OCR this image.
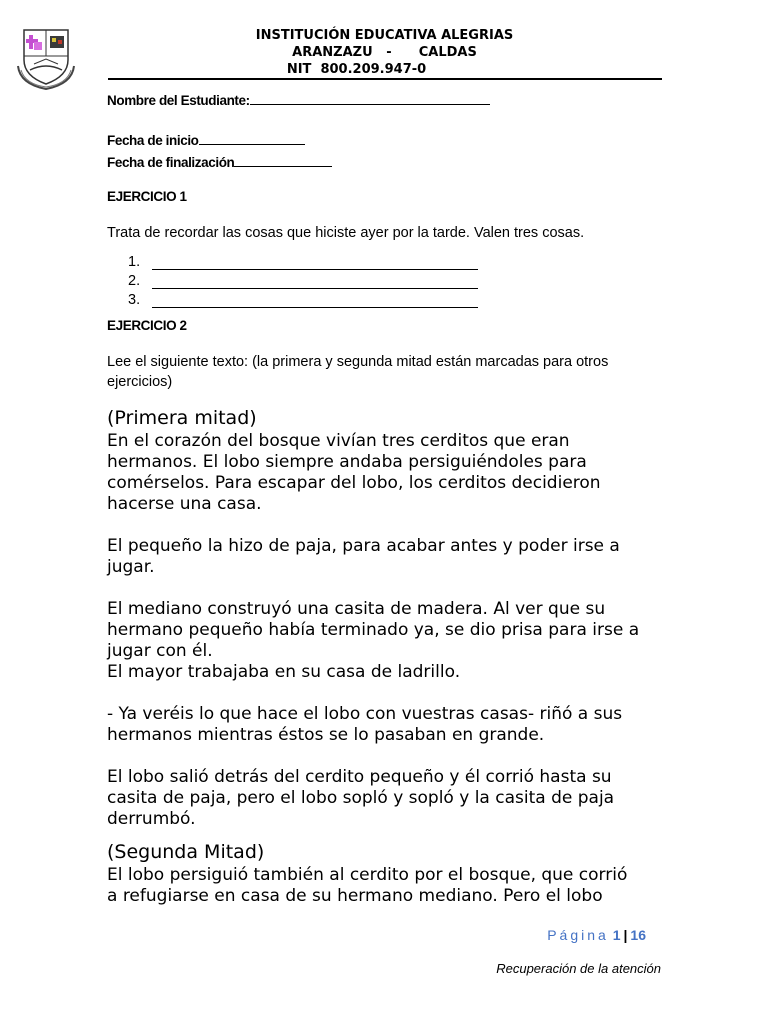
INSTITUCIÓN EDUCATIVA ALEGRIAS
ARANZAZU   -      CALDAS
NIT  800.209.947-0
Nombre del Estudiante:
Fecha de inicio
Fecha de finalización
EJERCICIO 1
Trata de recordar las cosas que hiciste ayer por la tarde. Valen tres cosas.
1.
2.
3.
EJERCICIO 2
Lee el siguiente texto: (la primera y segunda mitad están marcadas para otros
ejercicios)
(Primera mitad)

En el corazón del bosque vivían tres cerditos que eran
hermanos. El lobo siempre andaba persiguiéndoles para
comérselos. Para escapar del lobo, los cerditos decidieron
hacerse una casa.

El pequeño la hizo de paja, para acabar antes y poder irse a
jugar.

El mediano construyó una casita de madera. Al ver que su
hermano pequeño había terminado ya, se dio prisa para irse a
jugar con él.

El mayor trabajaba en su casa de ladrillo.

- Ya veréis lo que hace el lobo con vuestras casas- riñó a sus
hermanos mientras éstos se lo pasaban en grande.

El lobo salió detrás del cerdito pequeño y él corrió hasta su
casita de paja, pero el lobo sopló y sopló y la casita de paja
derrumbó.

(Segunda Mitad)

El lobo persiguió también al cerdito por el bosque, que corrió
a refugiarse en casa de su hermano mediano. Pero el lobo

Página 1 | 16
Recuperación de la atención
